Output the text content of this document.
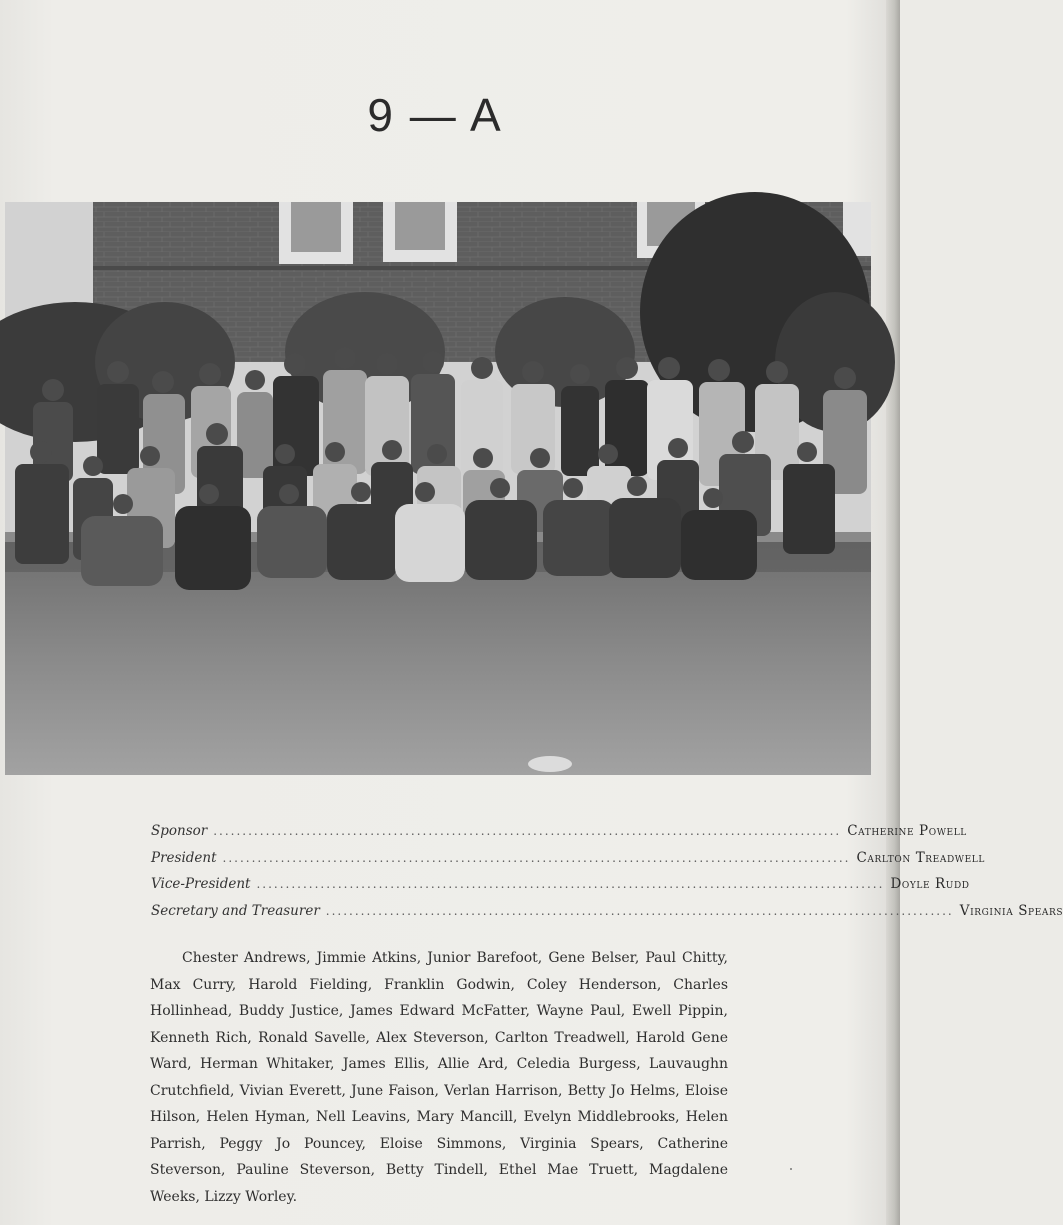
9 — A
Sponsor ............................................................................................................ Catherine Powell
President ............................................................................................................ Carlton Treadwell
Vice-President ............................................................................................................ Doyle Rudd
Secretary and Treasurer ............................................................................................................ Virginia Spears

Chester Andrews, Jimmie Atkins, Junior Barefoot, Gene Belser, Paul Chitty, Max Curry, Harold Fielding, Franklin Godwin, Coley Henderson, Charles Hollinhead, Buddy Justice, James Edward McFatter, Wayne Paul, Ewell Pippin, Kenneth Rich, Ronald Savelle, Alex Steverson, Carlton Treadwell, Harold Gene Ward, Herman Whitaker, James Ellis, Allie Ard, Celedia Burgess, Lauvaughn Crutchfield, Vivian Everett, June Faison, Verlan Harrison, Betty Jo Helms, Eloise Hilson, Helen Hyman, Nell Leavins, Mary Mancill, Evelyn Middlebrooks, Helen Parrish, Peggy Jo Pouncey, Eloise Simmons, Virginia Spears, Catherine Steverson, Pauline Steverson, Betty Tindell, Ethel Mae Truett, Magdalene Weeks, Lizzy Worley.
